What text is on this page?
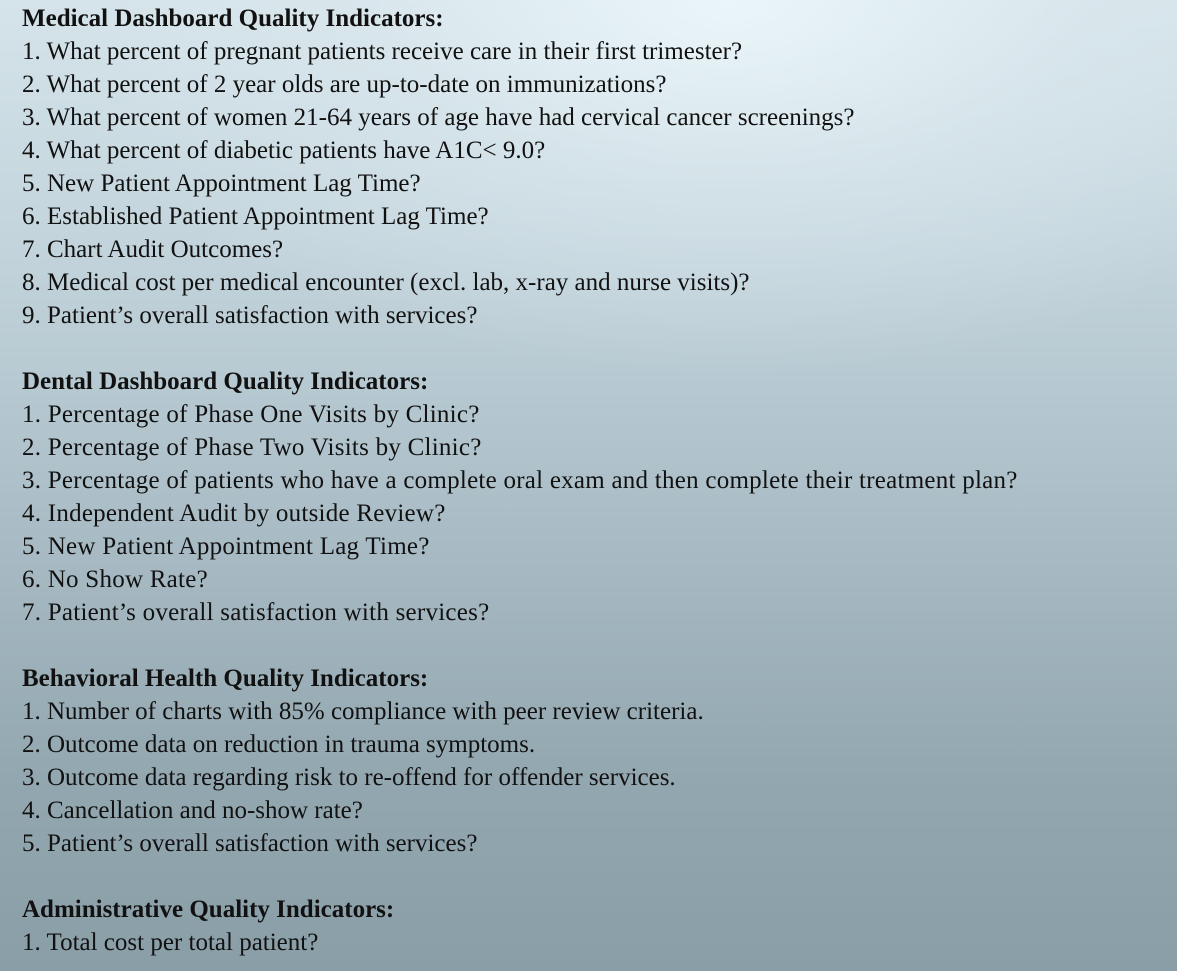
Medical Dashboard Quality Indicators:
1. What percent of pregnant patients receive care in their first trimester?
2. What percent of 2 year olds are up-to-date on immunizations?
3. What percent of women 21-64 years of age have had cervical cancer screenings?
4. What percent of diabetic patients have A1C< 9.0?
5. New Patient Appointment Lag Time?
6. Established Patient Appointment Lag Time?
7. Chart Audit Outcomes?
8. Medical cost per medical encounter (excl. lab, x-ray and nurse visits)?
9. Patient’s overall satisfaction with services?
Dental Dashboard Quality Indicators:
1. Percentage of Phase One Visits by Clinic?
2. Percentage of Phase Two Visits by Clinic?
3. Percentage of patients who have a complete oral exam and then complete their treatment plan?
4. Independent Audit by outside Review?
5. New Patient Appointment Lag Time?
6. No Show Rate?
7. Patient’s overall satisfaction with services?
Behavioral Health Quality Indicators:
1. Number of charts with 85% compliance with peer review criteria.
2. Outcome data on reduction in trauma symptoms.
3. Outcome data regarding risk to re-offend for offender services.
4. Cancellation and no-show rate?
5. Patient’s overall satisfaction with services?
Administrative Quality Indicators:
1. Total cost per total patient?
